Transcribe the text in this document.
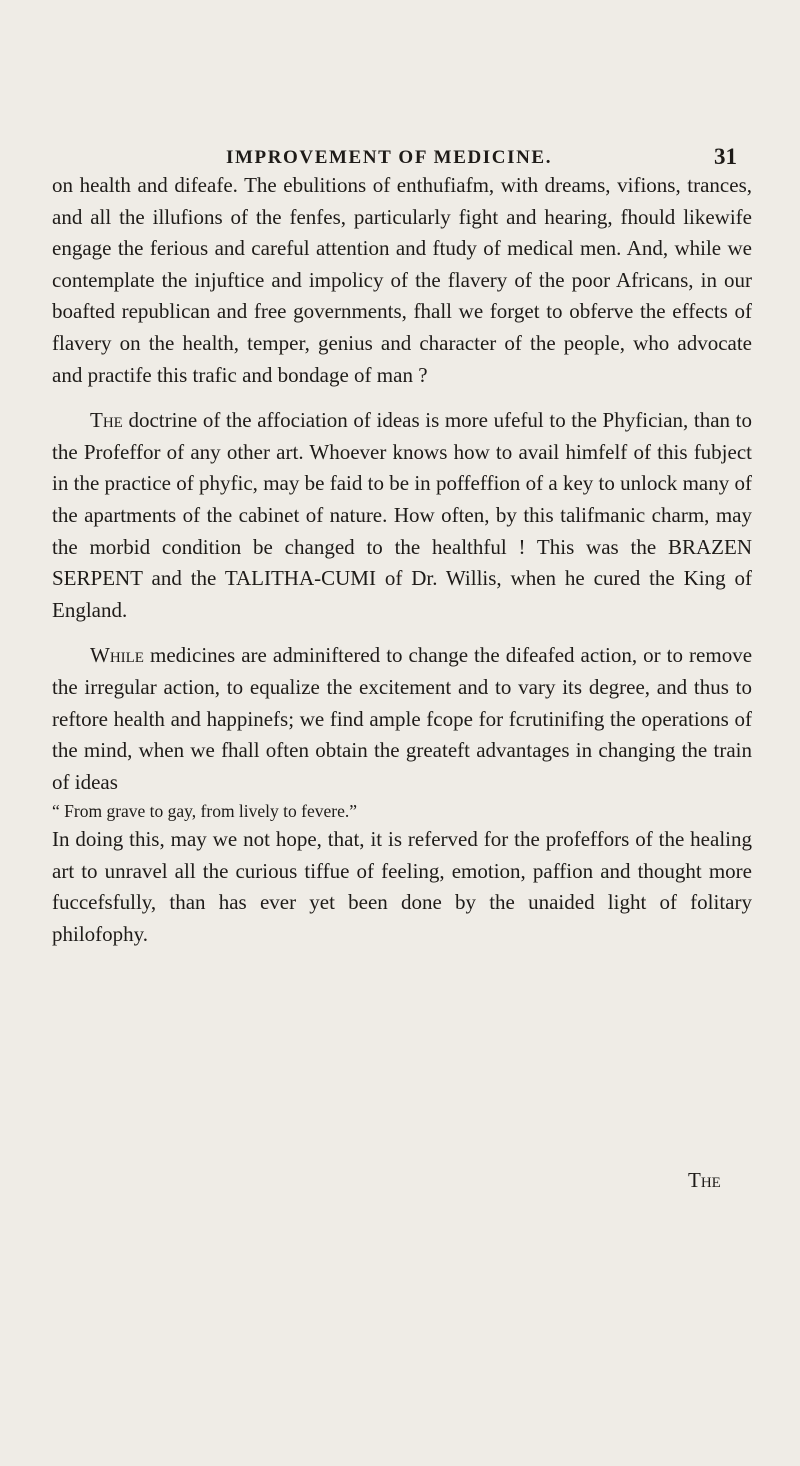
IMPROVEMENT OF MEDICINE.	31

on health and difeafe. The ebulitions of enthufiafm, with dreams, vifions, trances, and all the illufions of the fenfes, particularly fight and hearing, fhould likewife engage the ferious and careful attention and ftudy of medical men. And, while we contemplate the injuftice and impolicy of the flavery of the poor Africans, in our boafted republican and free governments, fhall we forget to obferve the effects of flavery on the health, temper, genius and character of the people, who advocate and practife this trafic and bondage of man ?

The doctrine of the affociation of ideas is more ufeful to the Phyfician, than to the Profeffor of any other art. Whoever knows how to avail himfelf of this fubject in the practice of phyfic, may be faid to be in poffeffion of a key to unlock many of the apartments of the cabinet of nature. How often, by this talifmanic charm, may the morbid condition be changed to the healthful ! This was the BRAZEN SERPENT and the TALITHA-CUMI of Dr. Willis, when he cured the King of England.

While medicines are adminiftered to change the difeafed action, or to remove the irregular action, to equalize the excitement and to vary its degree, and thus to reftore health and happinefs; we find ample fcope for fcrutinifing the operations of the mind, when we fhall often obtain the greateft advantages in changing the train of ideas

“ From grave to gay, from lively to fevere.”

In doing this, may we not hope, that, it is referved for the profeffors of the healing art to unravel all the curious tiffue of feeling, emotion, paffion and thought more fuccefsfully, than has ever yet been done by the unaided light of folitary philofophy.

The
